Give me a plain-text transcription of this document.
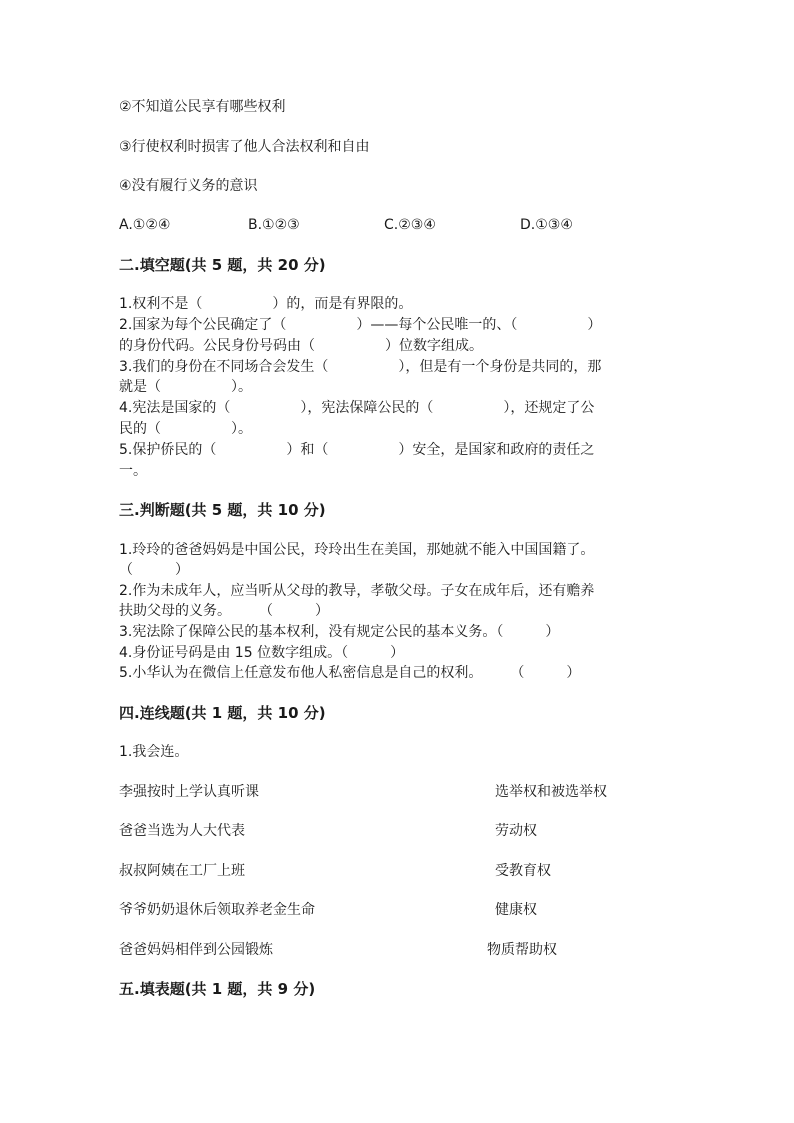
②不知道公民享有哪些权利
③行使权利时损害了他人合法权利和自由
④没有履行义务的意识
A.①②④	B.①②③	C.②③④	D.①③④
二.填空题(共 5 题，共 20 分)
1.权利不是（　　　　　）的，而是有界限的。
2.国家为每个公民确定了（　　　　　）——每个公民唯一的、（　　　　　）
的身份代码。公民身份号码由（　　　　　）位数字组成。
3.我们的身份在不同场合会发生（　　　　　），但是有一个身份是共同的，那
就是（　　　　　）。
4.宪法是国家的（　　　　　），宪法保障公民的（　　　　　），还规定了公
民的（　　　　　）。
5.保护侨民的（　　　　　）和（　　　　　）安全，是国家和政府的责任之
一。
三.判断题(共 5 题，共 10 分)
1.玲玲的爸爸妈妈是中国公民，玲玲出生在美国，那她就不能入中国国籍了。
（　　　）
2.作为未成年人，应当听从父母的教导，孝敬父母。子女在成年后，还有赡养
扶助父母的义务。　　　（　　　）
3.宪法除了保障公民的基本权利，没有规定公民的基本义务。（　　　）
4.身份证号码是由 15 位数字组成。（　　　）
5.小华认为在微信上任意发布他人私密信息是自己的权利。　　　（　　　）
四.连线题(共 1 题，共 10 分)
1.我会连。
李强按时上学认真听课
爸爸当选为人大代表
叔叔阿姨在工厂上班
爷爷奶奶退休后领取养老金生命
爸爸妈妈相伴到公园锻炼
选举权和被选举权
劳动权
受教育权
健康权
物质帮助权
五.填表题(共 1 题，共 9 分)
